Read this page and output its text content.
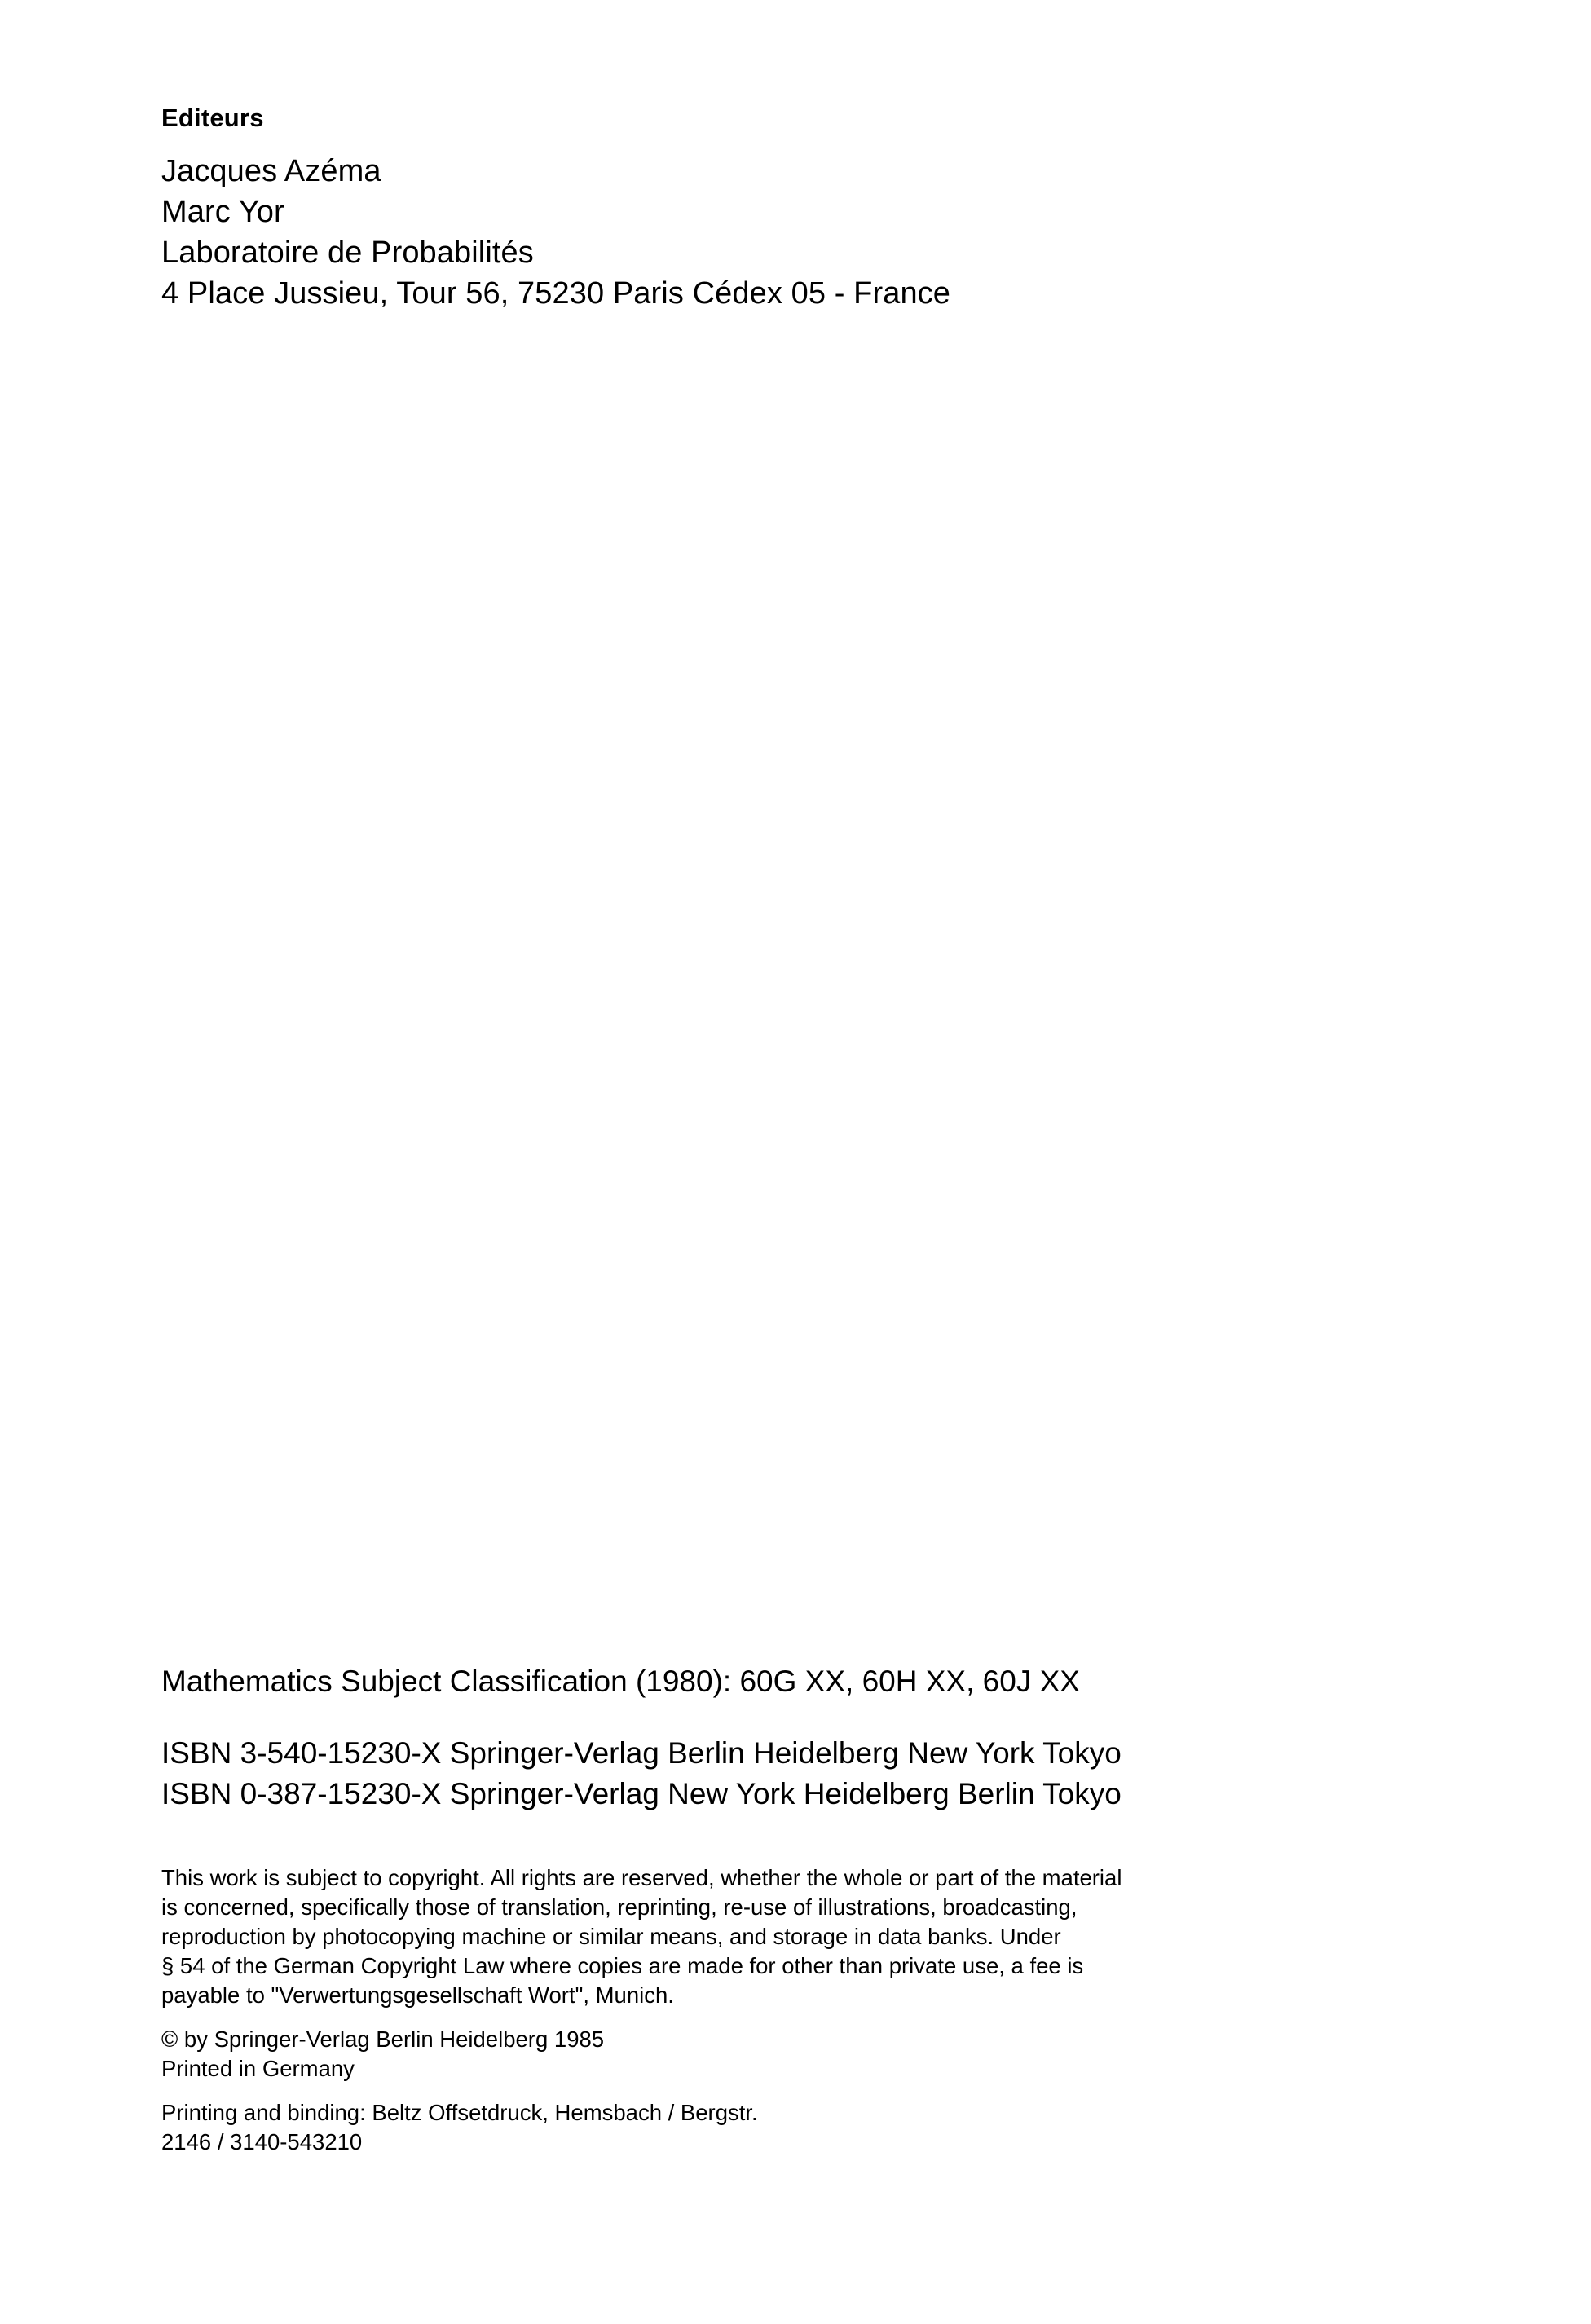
Editeurs
Jacques Azéma
Marc Yor
Laboratoire de Probabilités
4 Place Jussieu, Tour 56, 75230 Paris Cédex 05 - France
Mathematics Subject Classification (1980): 60G XX, 60H XX, 60J XX
ISBN 3-540-15230-X Springer-Verlag Berlin Heidelberg New York Tokyo
ISBN 0-387-15230-X Springer-Verlag New York Heidelberg Berlin Tokyo
This work is subject to copyright. All rights are reserved, whether the whole or part of the material
is concerned, specifically those of translation, reprinting, re-use of illustrations, broadcasting,
reproduction by photocopying machine or similar means, and storage in data banks. Under
§ 54 of the German Copyright Law where copies are made for other than private use, a fee is
payable to "Verwertungsgesellschaft Wort", Munich.
© by Springer-Verlag Berlin Heidelberg 1985
Printed in Germany
Printing and binding: Beltz Offsetdruck, Hemsbach / Bergstr.
2146 / 3140-543210
